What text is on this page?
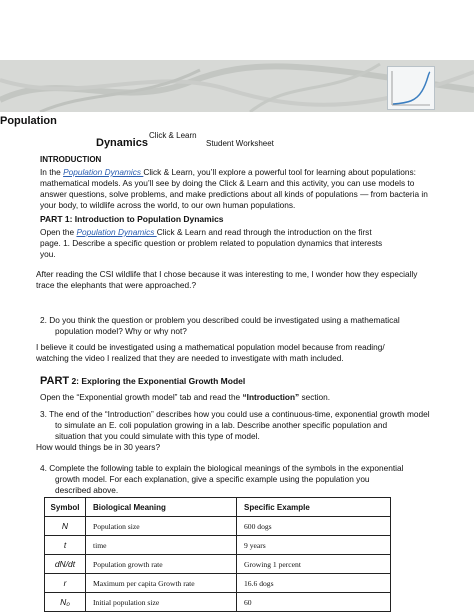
Population
Dynamics
Click & Learn
Student Worksheet
INTRODUCTION
In the Population Dynamics Click & Learn, you’ll explore a powerful tool for learning about populations:
mathematical models. As you’ll see by doing the Click & Learn and this activity, you can use models to
answer questions, solve problems, and make predictions about all kinds of populations — from bacteria in
your body, to wildlife across the world, to our own human populations.
PART 1: Introduction to Population Dynamics
Open the Population Dynamics Click & Learn and read through the introduction on the first
page. 1. Describe a specific question or problem related to population dynamics that interests
you.
After reading the CSI wildlife that I chose because it was interesting to me, I wonder how they especially
trace the elephants that were approached.?
2. Do you think the question or problem you described could be investigated using a mathematical
population model? Why or why not?
I believe it could be investigated using a mathematical population model because from reading/
watching the video I realized that they are needed to investigate with math included.
PART 2: Exploring the Exponential Growth Model
Open the “Exponential growth model” tab and read the “Introduction” section.
3. The end of the “Introduction” describes how you could use a continuous-time, exponential growth model
to simulate an E. coli population growing in a lab. Describe another specific population and
situation that you could simulate with this type of model.
How would things be in 30 years?
4. Complete the following table to explain the biological meanings of the symbols in the exponential
growth model. For each explanation, give a specific example using the population you
described above.
Symbol	Biological Meaning	Specific Example
N	Population size	600 dogs
t	time	9 years
dN/dt	Population growth rate	Growing 1 percent
r	Maximum per capita Growth rate	16.6 dogs
N₀	Initial population size	60
